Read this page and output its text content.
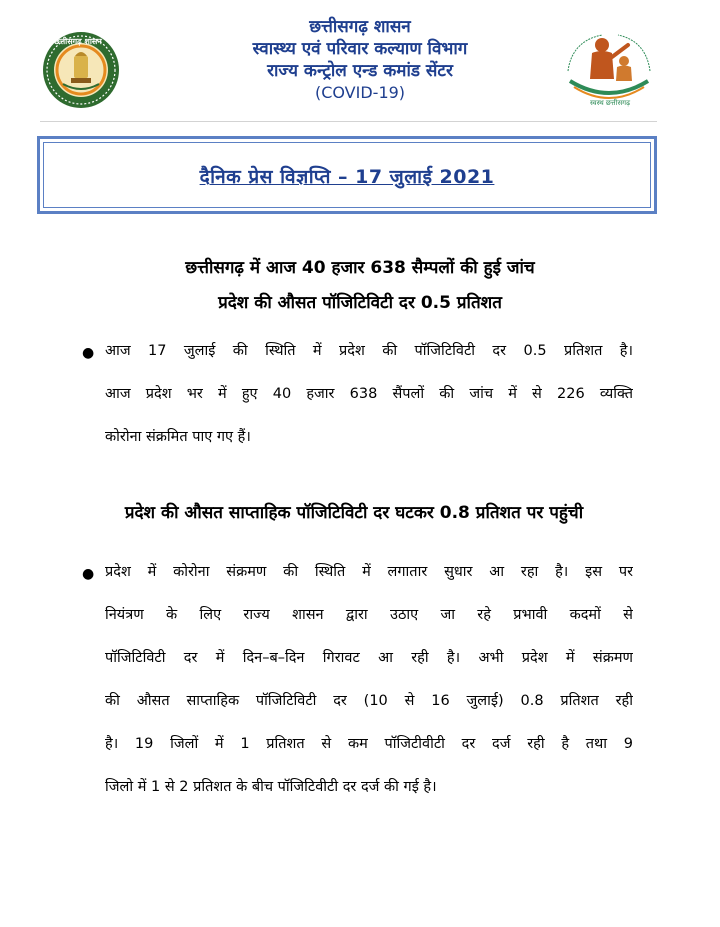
छत्तीसगढ़ शासन
छत्तीसगढ़ शासन
स्वास्थ्य एवं परिवार कल्याण विभाग
राज्य कन्ट्रोल एन्ड कमांड सेंटर
(COVID-19)
स्वस्थ छत्तीसगढ़
दैनिक प्रेस विज्ञप्ति – 17 जुलाई 2021
छत्तीसगढ़ में आज 40 हजार 638 सैम्पलों की हुई जांच
प्रदेश की औसत पॉजिटिविटी दर 0.5 प्रतिशत
● आज 17 जुलाई की स्थिति में प्रदेश की पॉजिटिविटी दर 0.5 प्रतिशत है।
आज प्रदेश भर में हुए 40 हजार 638 सैंपलों की जांच में से 226 व्यक्ति
कोरोना संक्रमित पाए गए हैं।
प्रदेश की औसत साप्ताहिक पॉजिटिविटी दर घटकर 0.8 प्रतिशत पर पहुंची
● प्रदेश में कोरोना संक्रमण की स्थिति में लगातार सुधार आ रहा है। इस पर
नियंत्रण के लिए राज्य शासन द्वारा उठाए जा रहे प्रभावी कदमों से
पॉजिटिविटी दर में दिन–ब–दिन गिरावट आ रही है। अभी प्रदेश में संक्रमण
की औसत साप्ताहिक पॉजिटिविटी दर (10 से 16 जुलाई) 0.8 प्रतिशत रही
है। 19 जिलों में 1 प्रतिशत से कम पॉजिटीवीटी दर दर्ज रही है तथा 9
जिलो में 1 से 2 प्रतिशत के बीच पॉजिटिवीटी दर दर्ज की गई है।
